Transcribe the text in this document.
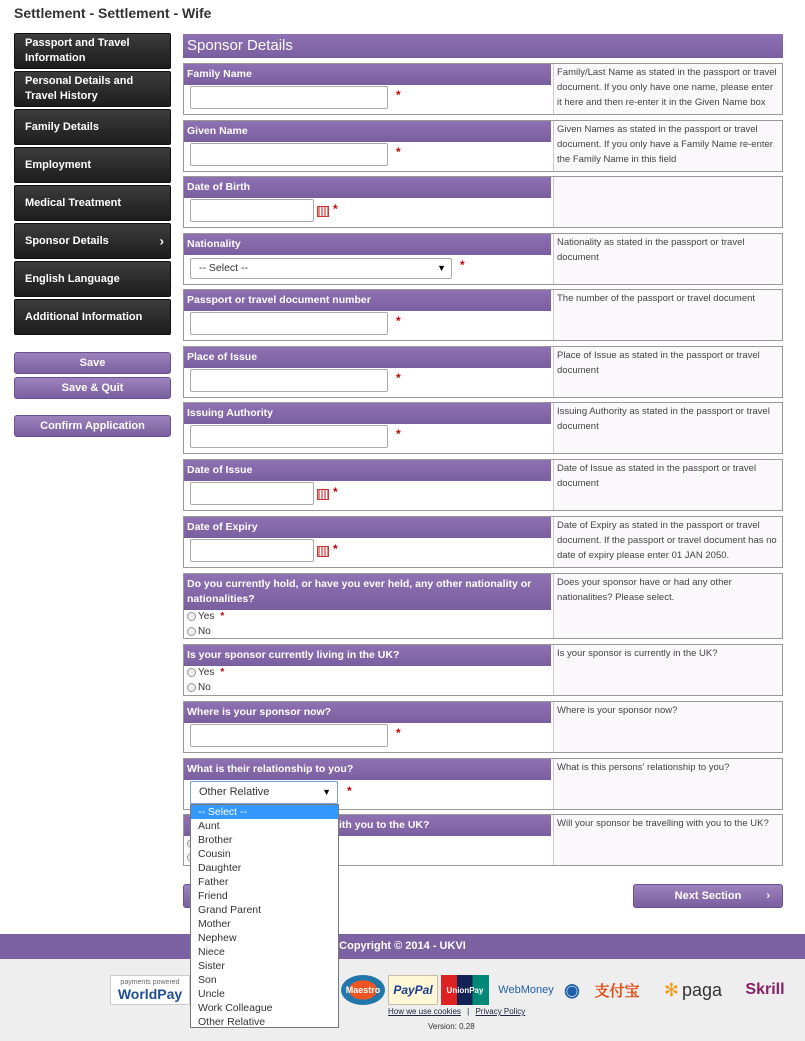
Settlement - Settlement - Wife
Passport and Travel Information
Personal Details and Travel History
Family Details
Employment
Medical Treatment
Sponsor Details	›
English Language
Additional Information
Save
Save & Quit
Confirm Application
Sponsor Details
Family Name
*
Family/Last Name as stated in the passport or travel
document. If you only have one name, please enter
it here and then re-enter it in the Given Name box
Given Name
*
Given Names as stated in the passport or travel
document. If you only have a Family Name re-enter
the Family Name in this field
Date of Birth
*
Nationality
-- Select --	▼ *
Nationality as stated in the passport or travel
document
Passport or travel document number
*
The number of the passport or travel document
Place of Issue
*
Place of Issue as stated in the passport or travel
document
Issuing Authority
*
Issuing Authority as stated in the passport or travel
document
Date of Issue
*
Date of Issue as stated in the passport or travel
document
Date of Expiry
*
Date of Expiry as stated in the passport or travel
document. If the passport or travel document has no
date of expiry please enter 01 JAN 2050.
Do you currently hold, or have you ever held, any other nationality or nationalities?
Yes *
No
Does your sponsor have or had any other
nationalities? Please select.
Is your sponsor currently living in the UK?
Yes *
No
Is your sponsor is currently in the UK?
Where is your sponsor now?
*
Where is your sponsor now?
What is their relationship to you?
*
What is this persons' relationship to you?
ith you to the UK?	Will your sponsor be travelling with you to the UK?
Other Relative	▼
-- Select --
Aunt
Brother
Cousin
Daughter
Father
Friend
Grand Parent
Mother
Nephew
Niece
Sister
Son
Uncle
Work Colleague
Other Relative
Next Section ›
Copyright © 2014 - UKVI
payments powered
WorldPay	Maestro	PayPal	UnionPay	WebMoney ◉ 支付宝	✻ paga	Skrill
How we use cookies | Privacy Policy
Version: 0.28
